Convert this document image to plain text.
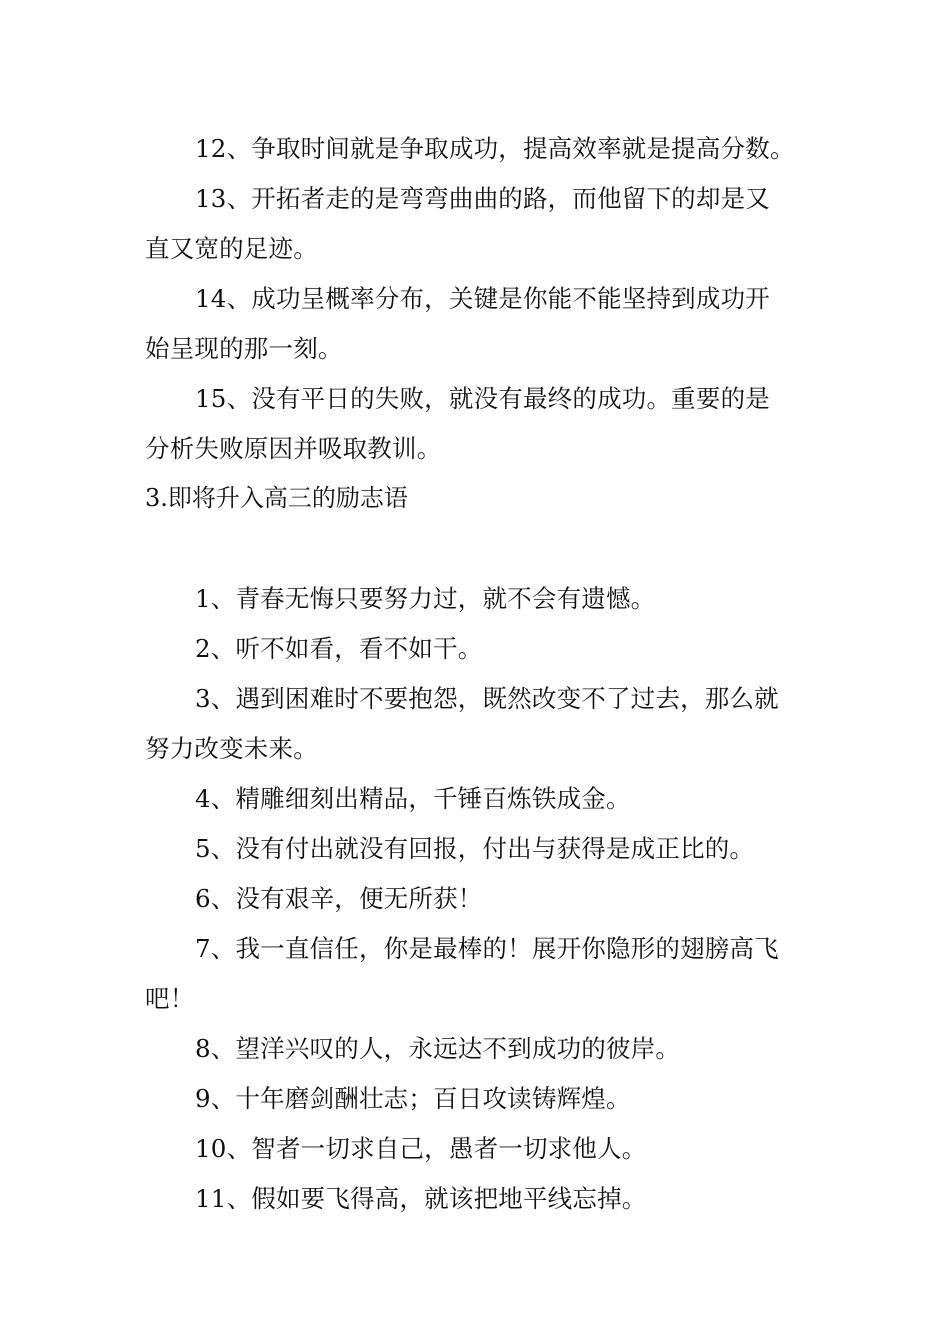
12、争取时间就是争取成功，提高效率就是提高分数。
13、开拓者走的是弯弯曲曲的路，而他留下的却是又
直又宽的足迹。
14、成功呈概率分布，关键是你能不能坚持到成功开
始呈现的那一刻。
15、没有平日的失败，就没有最终的成功。重要的是
分析失败原因并吸取教训。
3.即将升入高三的励志语
1、青春无悔只要努力过，就不会有遗憾。
2、听不如看，看不如干。
3、遇到困难时不要抱怨，既然改变不了过去，那么就
努力改变未来。
4、精雕细刻出精品，千锤百炼铁成金。
5、没有付出就没有回报，付出与获得是成正比的。
6、没有艰辛，便无所获！
7、我一直信任，你是最棒的！展开你隐形的翅膀高飞
吧！
8、望洋兴叹的人，永远达不到成功的彼岸。
9、十年磨剑酬壮志；百日攻读铸辉煌。
10、智者一切求自己，愚者一切求他人。
11、假如要飞得高，就该把地平线忘掉。
